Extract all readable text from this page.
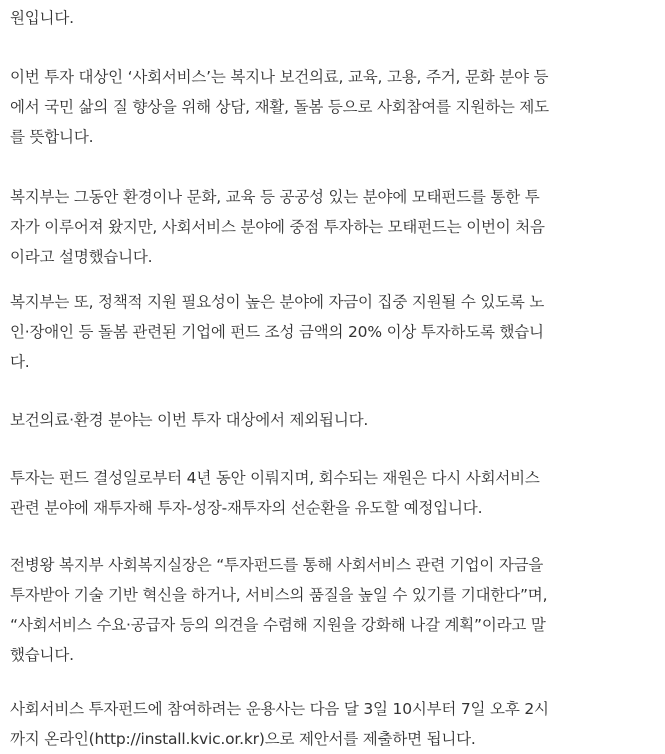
원입니다.

이번 투자 대상인 ‘사회서비스’는 복지나 보건의료, 교육, 고용, 주거, 문화 분야 등
에서 국민 삶의 질 향상을 위해 상담, 재활, 돌봄 등으로 사회참여를 지원하는 제도
를 뜻합니다.

복지부는 그동안 환경이나 문화, 교육 등 공공성 있는 분야에 모태펀드를 통한 투
자가 이루어져 왔지만, 사회서비스 분야에 중점 투자하는 모태펀드는 이번이 처음
이라고 설명했습니다.

복지부는 또, 정책적 지원 필요성이 높은 분야에 자금이 집중 지원될 수 있도록 노
인·장애인 등 돌봄 관련된 기업에 펀드 조성 금액의 20% 이상 투자하도록 했습니
다.

보건의료·환경 분야는 이번 투자 대상에서 제외됩니다.

투자는 펀드 결성일로부터 4년 동안 이뤄지며, 회수되는 재원은 다시 사회서비스
관련 분야에 재투자해 투자-성장-재투자의 선순환을 유도할 예정입니다.

전병왕 복지부 사회복지실장은 “투자펀드를 통해 사회서비스 관련 기업이 자금을
투자받아 기술 기반 혁신을 하거나, 서비스의 품질을 높일 수 있기를 기대한다”며,
“사회서비스 수요·공급자 등의 의견을 수렴해 지원을 강화해 나갈 계획”이라고 말
했습니다.

사회서비스 투자펀드에 참여하려는 운용사는 다음 달 3일 10시부터 7일 오후 2시
까지 온라인(http://install.kvic.or.kr)으로 제안서를 제출하면 됩니다.
